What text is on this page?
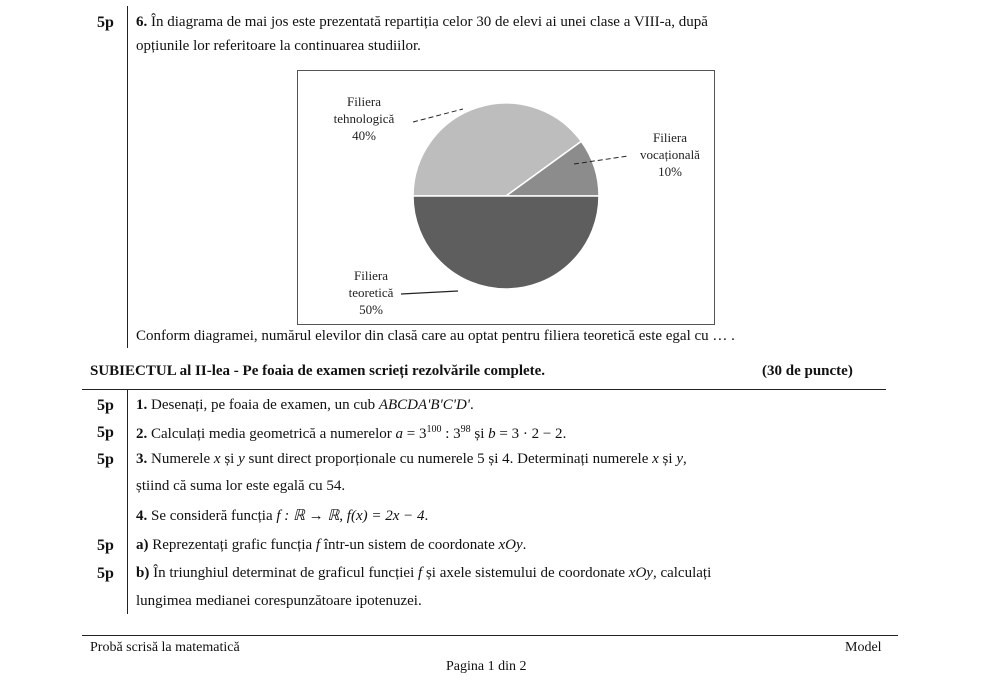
5p 6. În diagrama de mai jos este prezentată repartiția celor 30 de elevi ai unei clase a VIII-a, după
opțiunile lor referitoare la continuarea studiilor.
Filiera
tehnologică
40%	Filiera
vocațională
10%
Filiera
teoretică
50%
Conform diagramei, numărul elevilor din clasă care au optat pentru filiera teoretică este egal cu … .
SUBIECTUL al II-lea - Pe foaia de examen scrieți rezolvările complete.	(30 de puncte)
5p 1. Desenați, pe foaia de examen, un cub ABCDA'B'C'D'.
5p 2. Calculați media geometrică a numerelor $a = 3^{100}$ : $3^{98}$ și b = 3 · 2 − 2.
5p 3. Numerele x și y sunt direct proporționale cu numerele 5 și 4. Determinați numerele x și y,
știind că suma lor este egală cu 54.
4. Se consideră funcția f : ℝ → ℝ, f(x) = 2x − 4.
5p a) Reprezentați grafic funcția f într-un sistem de coordonate xOy.
5p b) În triunghiul determinat de graficul funcției f și axele sistemului de coordonate xOy, calculați
lungimea medianei corespunzătoare ipotenuzei.
Probă scrisă la matematică	Model
Pagina 1 din 2
